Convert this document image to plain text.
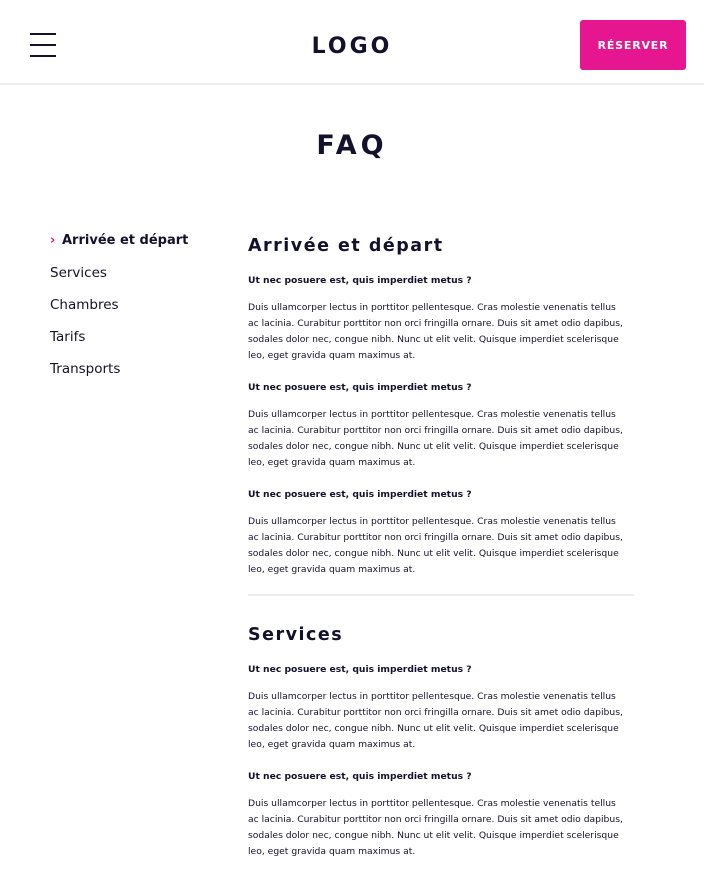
LOGO	RÉSERVER
FAQ
› Arrivée et départ
Services
Chambres
Tarifs
Transports
Arrivée et départ
Ut nec posuere est, quis imperdiet metus ?

Duis ullamcorper lectus in porttitor pellentesque. Cras molestie venenatis tellus ac lacinia. Curabitur porttitor non orci fringilla ornare. Duis sit amet odio dapibus, sodales dolor nec, congue nibh. Nunc ut elit velit. Quisque imperdiet scelerisque leo, eget gravida quam maximus at.

Ut nec posuere est, quis imperdiet metus ?

Duis ullamcorper lectus in porttitor pellentesque. Cras molestie venenatis tellus ac lacinia. Curabitur porttitor non orci fringilla ornare. Duis sit amet odio dapibus, sodales dolor nec, congue nibh. Nunc ut elit velit. Quisque imperdiet scelerisque leo, eget gravida quam maximus at.

Ut nec posuere est, quis imperdiet metus ?

Duis ullamcorper lectus in porttitor pellentesque. Cras molestie venenatis tellus ac lacinia. Curabitur porttitor non orci fringilla ornare. Duis sit amet odio dapibus, sodales dolor nec, congue nibh. Nunc ut elit velit. Quisque imperdiet scelerisque leo, eget gravida quam maximus at.

Services
Ut nec posuere est, quis imperdiet metus ?

Duis ullamcorper lectus in porttitor pellentesque. Cras molestie venenatis tellus ac lacinia. Curabitur porttitor non orci fringilla ornare. Duis sit amet odio dapibus, sodales dolor nec, congue nibh. Nunc ut elit velit. Quisque imperdiet scelerisque leo, eget gravida quam maximus at.

Ut nec posuere est, quis imperdiet metus ?

Duis ullamcorper lectus in porttitor pellentesque. Cras molestie venenatis tellus ac lacinia. Curabitur porttitor non orci fringilla ornare. Duis sit amet odio dapibus, sodales dolor nec, congue nibh. Nunc ut elit velit. Quisque imperdiet scelerisque leo, eget gravida quam maximus at.
